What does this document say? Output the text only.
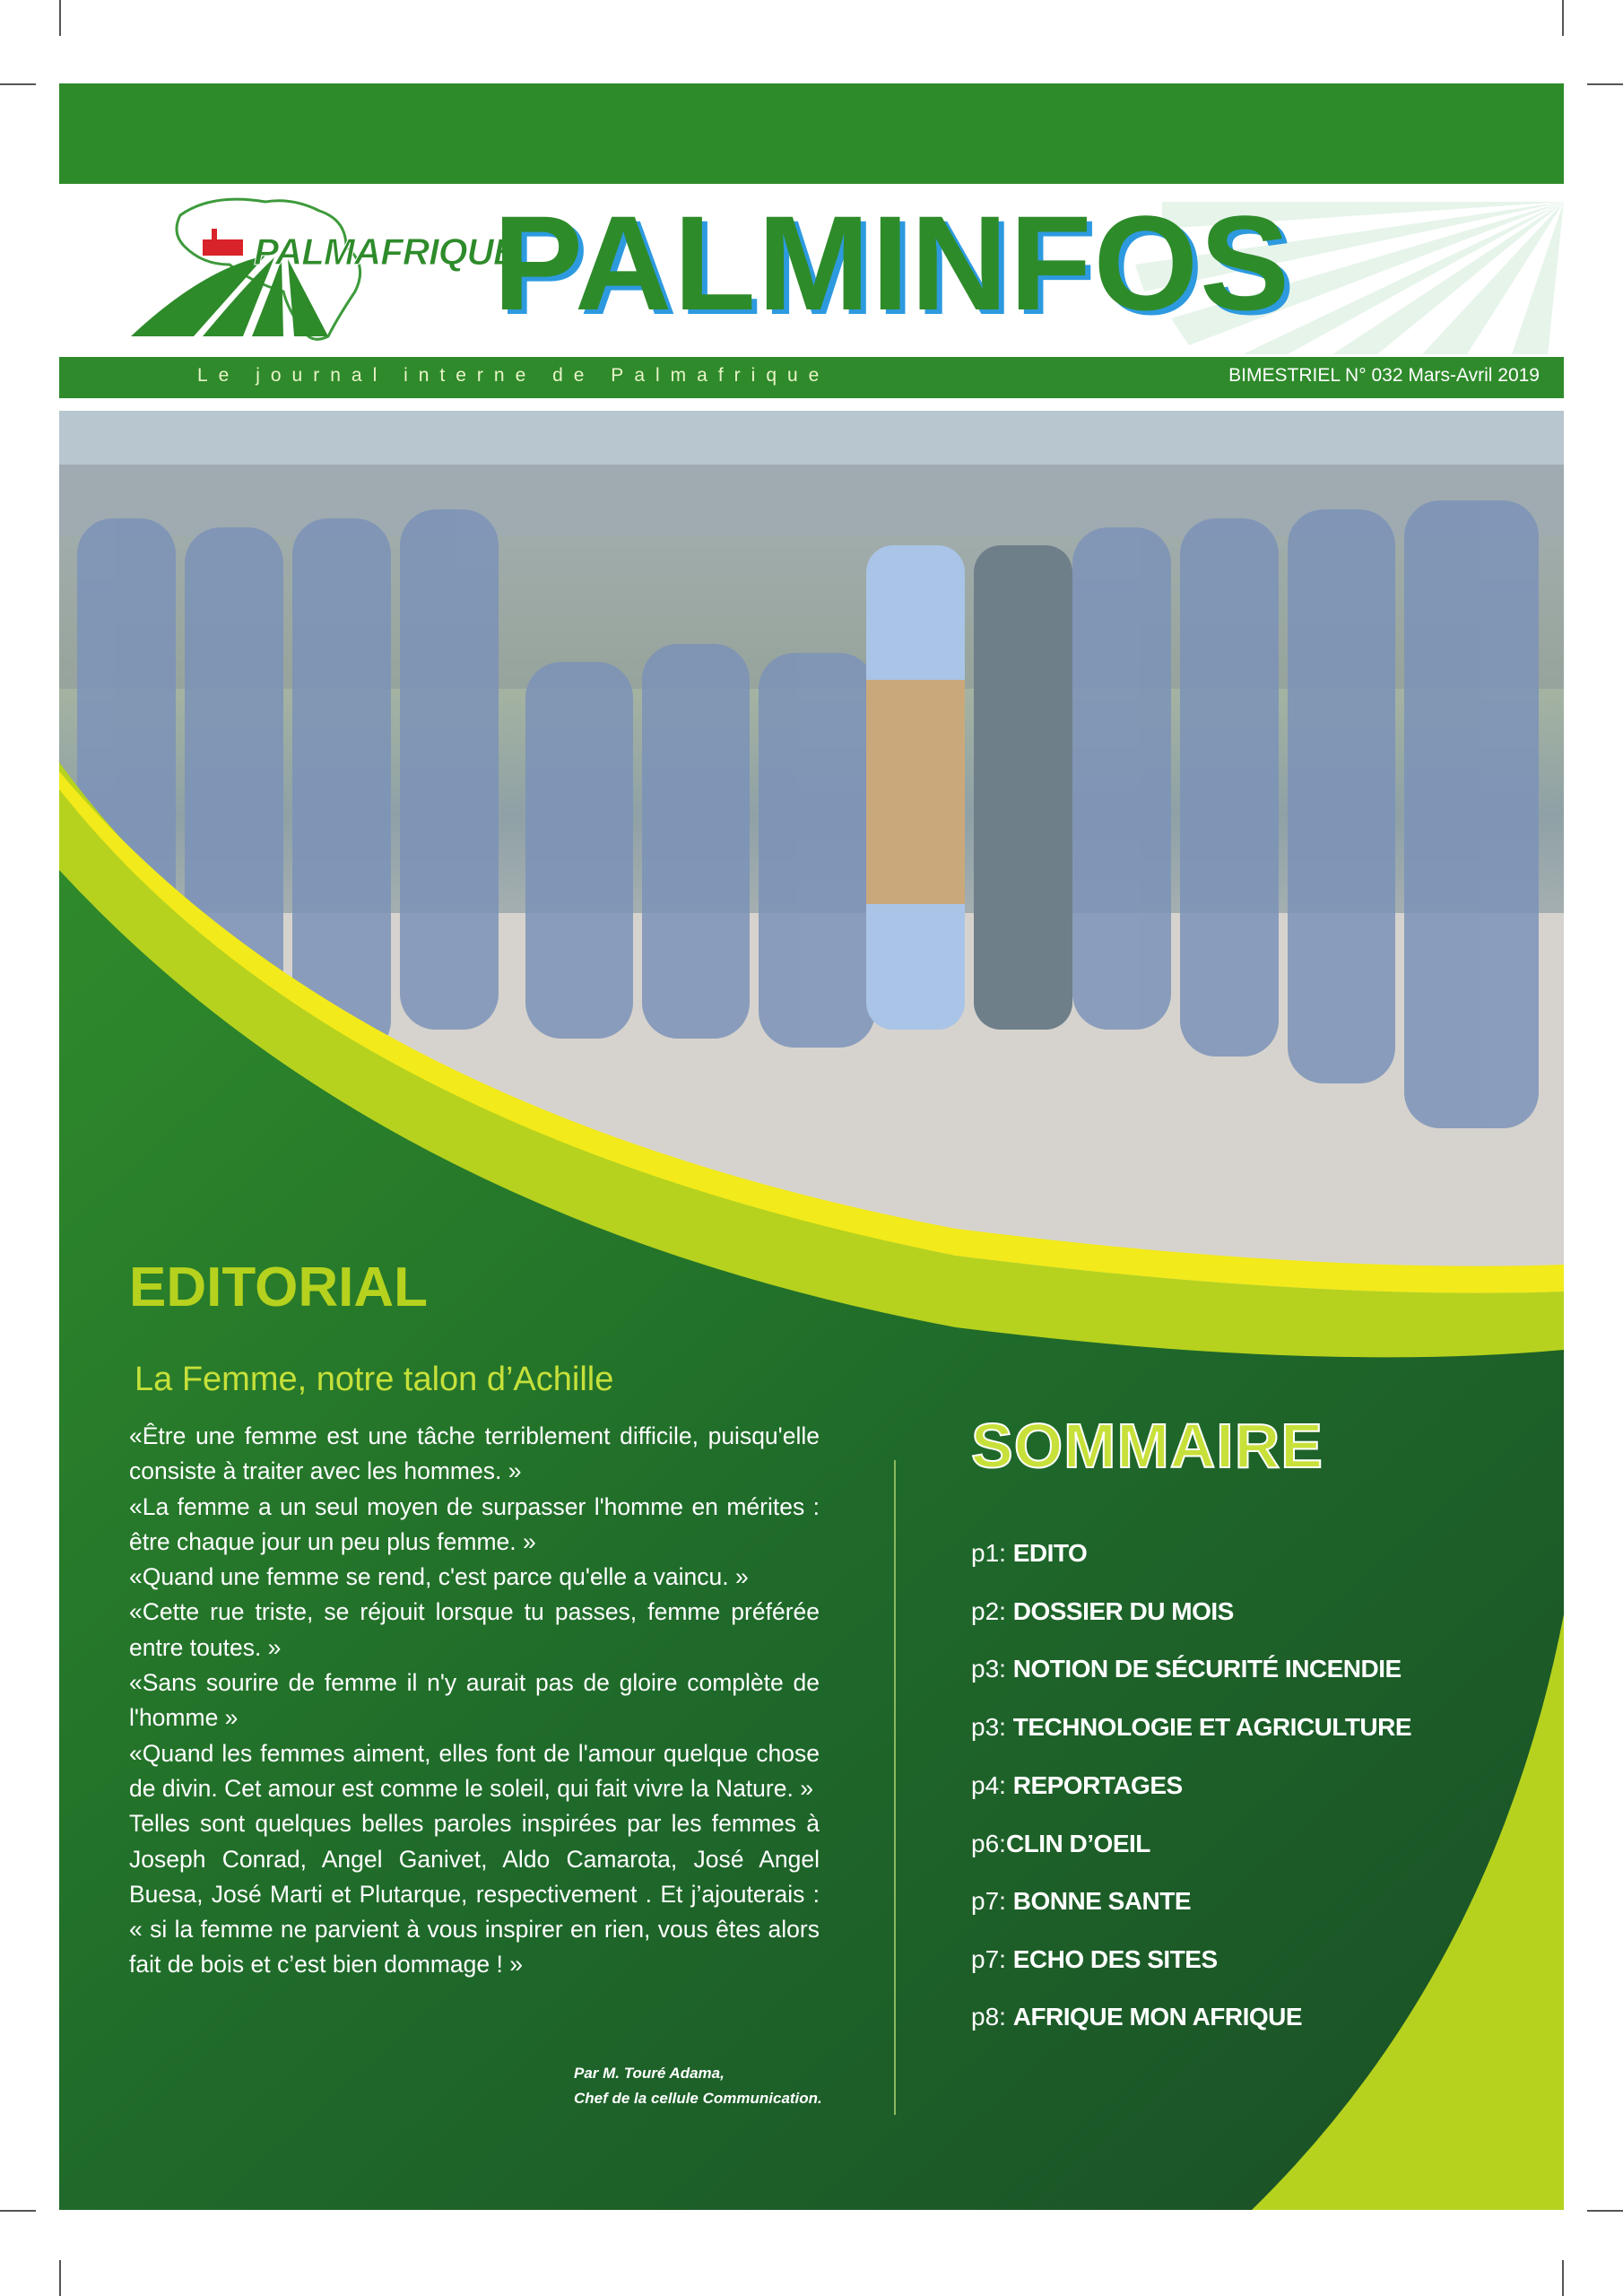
PALMAFRIQUE
PALMINFOS
Le journal interne de Palmafrique	BIMESTRIEL N° 032 Mars-Avril 2019
EDITORIAL
La Femme, notre talon d’Achille
«Être une femme est une tâche terriblement difficile, puisqu'elle consiste à traiter avec les hommes. »
«La femme a un seul moyen de surpasser l'homme en mérites : être chaque jour un peu plus femme. »
«Quand une femme se rend, c'est parce qu'elle a vaincu. »
«Cette rue triste, se réjouit lorsque tu passes, femme préférée entre toutes. »
«Sans sourire de femme il n'y aurait pas de gloire complète de l'homme »
«Quand les femmes aiment, elles font de l'amour quelque chose de divin. Cet amour est comme le soleil, qui fait vivre la Nature. »
Telles sont quelques belles paroles inspirées par les femmes à Joseph Conrad, Angel Ganivet, Aldo Camarota, José Angel Buesa, José Marti et Plutarque, respectivement . Et j’ajouterais : « si la femme ne parvient à vous inspirer en rien, vous êtes alors fait de bois et c’est bien dommage ! »
Par M. Touré Adama,
Chef de la cellule Communication.
SOMMAIRE
p1: EDITO
p2: DOSSIER DU MOIS
p3: NOTION DE SÉCURITÉ INCENDIE
p3: TECHNOLOGIE ET AGRICULTURE
p4: REPORTAGES
p6:CLIN D’OEIL
p7: BONNE SANTE
p7: ECHO DES SITES
p8: AFRIQUE MON AFRIQUE
